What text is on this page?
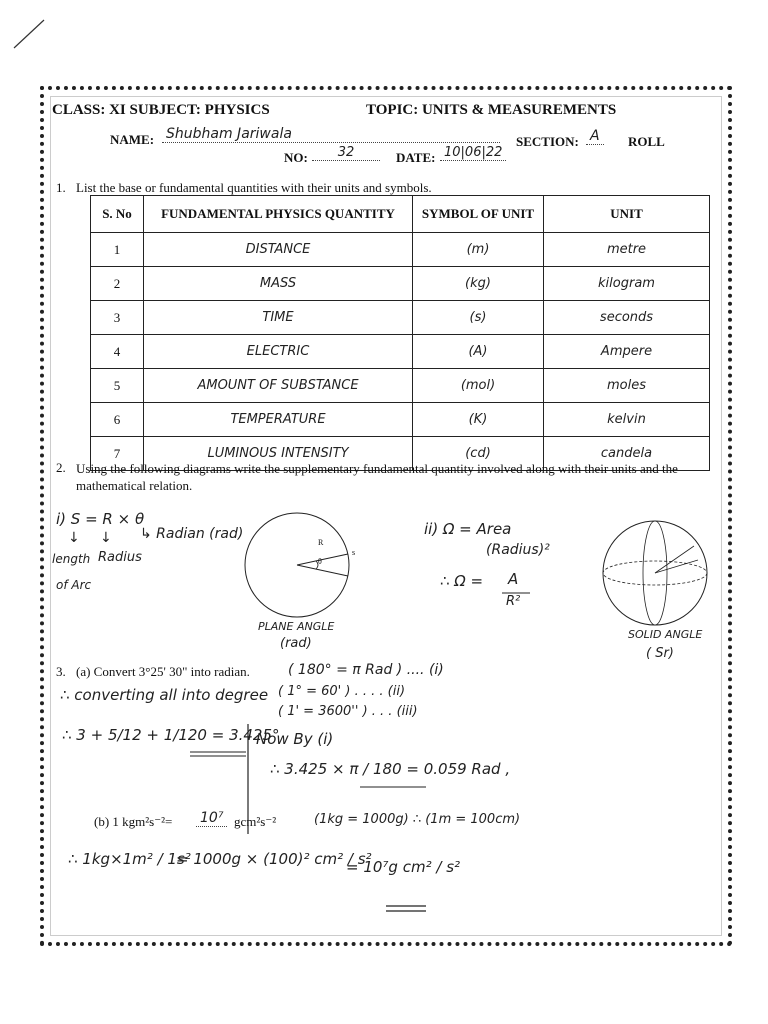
CLASS: XI SUBJECT: PHYSICS	TOPIC: UNITS & MEASUREMENTS
NAME: Shubham Jariwala	SECTION: A	ROLL
NO:	32	DATE: 10|06|22
1. List the base or fundamental quantities with their units and symbols.
S. No	FUNDAMENTAL PHYSICS QUANTITY	SYMBOL OF UNIT	UNIT
1	DISTANCE	(m)	metre
2	MASS	(kg)	kilogram
3	TIME	(s)	seconds
4	ELECTRIC	(A)	Ampere
5	AMOUNT OF SUBSTANCE	(mol)	moles
6	TEMPERATURE	(K)	kelvin
7	LUMINOUS INTENSITY	(cd)	candela
2. Using the following diagrams write the supplementary fundamental quantity involved along with their units and the mathematical relation.
i) S = R × θ
↳ Radian (rad)
↓ ↓
length Radius
of Arc
R
θ
s
PLANE ANGLE
(rad)
ii) Ω = Area
(Radius)²
∴ Ω = A
R²
SOLID ANGLE
( Sr)
3. (a) Convert 3°25' 30" into radian.	( 180° = π Rad ) .... (i)
∴ converting all into degree ( 1° = 60' ) . . . . (ii)
( 1' = 3600'' ) . . . (iii)
∴ 3 + 5/12 + 1/120 = 3.425°
Now By (i)
∴ 3.425 × π / 180 = 0.059 Rad ,
(b) 1 kgm²s⁻²= 10⁷ gcm²s⁻²	(1kg = 1000g) ∴ (1m = 100cm)
∴ 1kg×1m² / 1s²
= 1000g × (100)² cm² / s²
= 10⁷g cm² / s²
